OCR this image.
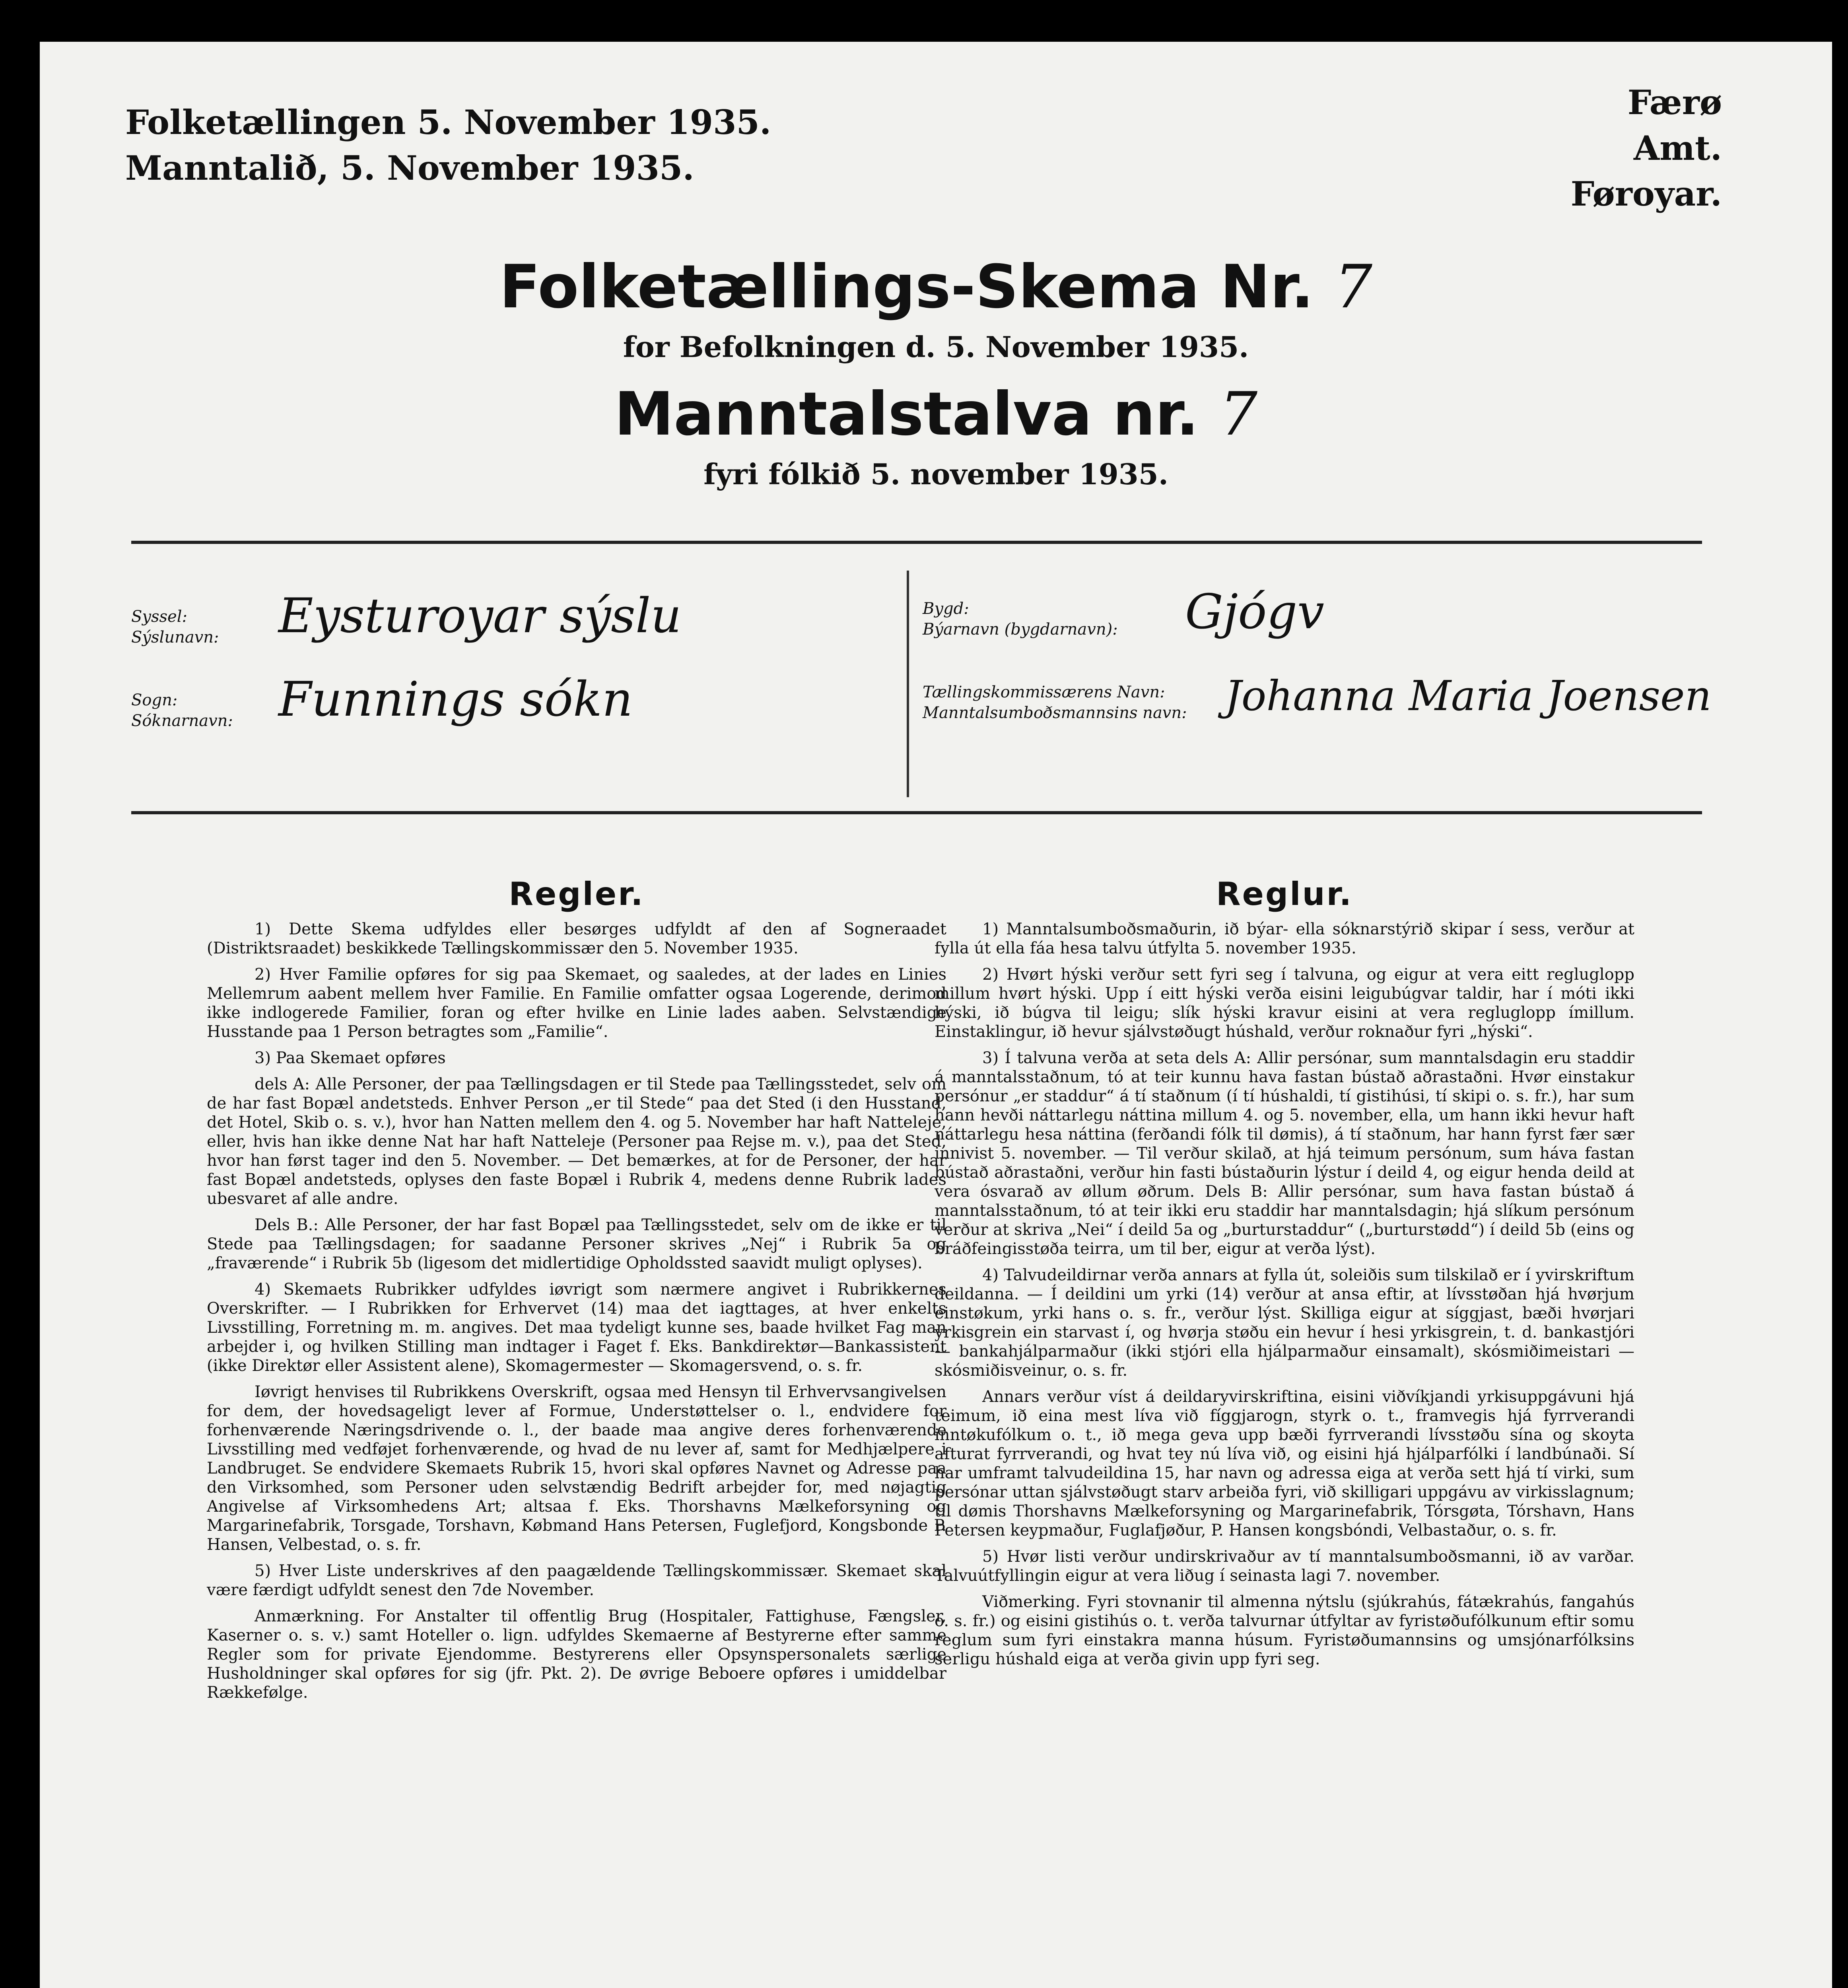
Folketællingen 5. November 1935.
Manntalið, 5. November 1935.
Færø Amt.
Føroyar.
Folketællings-Skema Nr. 7
for Befolkningen d. 5. November 1935.
Manntalstalva nr. 7
fyri fólkið 5. november 1935.
Syssel:
Sýslunavn: Eysturoyar sýslu
Sogn:
Sóknarnavn: Funnings sókn
Bygd:
Býarnavn (bygdarnavn): Gjógv
Tællingskommissærens Navn:
Manntalsumboðsmannsins navn: Johanna Maria Joensen
Regler.

1) Dette Skema udfyldes eller besørges udfyldt af den af Sogneraadet (Distriktsraadet) beskikkede Tællingskommissær den 5. November 1935.

2) Hver Familie opføres for sig paa Skemaet, og saaledes, at der lades en Linies Mellemrum aabent mellem hver Familie. En Familie omfatter ogsaa Logerende, derimod ikke indlogerede Familier, foran og efter hvilke en Linie lades aaben. Selvstændige Husstande paa 1 Person betragtes som „Familie“.

3) Paa Skemaet opføres

dels A: Alle Personer, der paa Tællingsdagen er til Stede paa Tællingsstedet, selv om de har fast Bopæl andetsteds. Enhver Person „er til Stede“ paa det Sted (i den Husstand, det Hotel, Skib o. s. v.), hvor han Natten mellem den 4. og 5. November har haft Natteleje, eller, hvis han ikke denne Nat har haft Natteleje (Personer paa Rejse m. v.), paa det Sted, hvor han først tager ind den 5. November. — Det bemærkes, at for de Personer, der har fast Bopæl andetsteds, oplyses den faste Bopæl i Rubrik 4, medens denne Rubrik lades ubesvaret af alle andre.

Dels B.: Alle Personer, der har fast Bopæl paa Tællingsstedet, selv om de ikke er til Stede paa Tællingsdagen; for saadanne Personer skrives „Nej“ i Rubrik 5a og „fraværende“ i Rubrik 5b (ligesom det midlertidige Opholdssted saavidt muligt oplyses).

4) Skemaets Rubrikker udfyldes iøvrigt som nærmere angivet i Rubrikkernes Overskrifter. — I Rubrikken for Erhvervet (14) maa det iagttages, at hver enkelts Livsstilling, Forretning m. m. angives. Det maa tydeligt kunne ses, baade hvilket Fag man arbejder i, og hvilken Stilling man indtager i Faget f. Eks. Bankdirektør—Bankassistent (ikke Direktør eller Assistent alene), Skomagermester — Skomagersvend, o. s. fr.

Iøvrigt henvises til Rubrikkens Overskrift, ogsaa med Hensyn til Erhvervsangivelsen for dem, der hovedsageligt lever af Formue, Understøttelser o. l., endvidere for forhenværende Næringsdrivende o. l., der baade maa angive deres forhenværende Livsstilling med vedføjet forhenværende, og hvad de nu lever af, samt for Medhjælpere i Landbruget. Se endvidere Skemaets Rubrik 15, hvori skal opføres Navnet og Adresse paa den Virksomhed, som Personer uden selvstændig Bedrift arbejder for, med nøjagtig Angivelse af Virksomhedens Art; altsaa f. Eks. Thorshavns Mælkeforsyning og Margarinefabrik, Torsgade, Torshavn, Købmand Hans Petersen, Fuglefjord, Kongsbonde P. Hansen, Velbestad, o. s. fr.

5) Hver Liste underskrives af den paagældende Tællingskommissær. Skemaet skal være færdigt udfyldt senest den 7de November.

Anmærkning. For Anstalter til offentlig Brug (Hospitaler, Fattighuse, Fængsler, Kaserner o. s. v.) samt Hoteller o. lign. udfyldes Skemaerne af Bestyrerne efter samme Regler som for private Ejendomme. Bestyrerens eller Opsynspersonalets særlige Husholdninger skal opføres for sig (jfr. Pkt. 2). De øvrige Beboere opføres i umiddelbar Rækkefølge.

Reglur.

1) Manntalsumboðsmaðurin, ið býar- ella sóknarstýrið skipar í sess, verður at fylla út ella fáa hesa talvu útfylta 5. november 1935.

2) Hvørt hýski verður sett fyri seg í talvuna, og eigur at vera eitt regluglopp millum hvørt hýski. Upp í eitt hýski verða eisini leigubúgvar taldir, har í móti ikki hýski, ið búgva til leigu; slík hýski kravur eisini at vera regluglopp ímillum. Einstaklingur, ið hevur sjálvstøðugt húshald, verður roknaður fyri „hýski“.

3) Í talvuna verða at seta dels A: Allir persónar, sum manntalsdagin eru staddir á manntalsstaðnum, tó at teir kunnu hava fastan bústað aðrastaðni. Hvør einstakur persónur „er staddur“ á tí staðnum (í tí húshaldi, tí gistihúsi, tí skipi o. s. fr.), har sum hann hevði náttarlegu náttina millum 4. og 5. november, ella, um hann ikki hevur haft náttarlegu hesa náttina (ferðandi fólk til dømis), á tí staðnum, har hann fyrst fær sær innivist 5. november. — Til verður skilað, at hjá teimum persónum, sum háva fastan bústað aðrastaðni, verður hin fasti bústaðurin lýstur í deild 4, og eigur henda deild at vera ósvarað av øllum øðrum. Dels B: Allir persónar, sum hava fastan bústað á manntalsstaðnum, tó at teir ikki eru staddir har manntalsdagin; hjá slíkum persónum verður at skriva „Nei“ í deild 5a og „burturstaddur“ („burturstødd“) í deild 5b (eins og bráðfeingisstøða teirra, um til ber, eigur at verða lýst).

4) Talvudeildirnar verða annars at fylla út, soleiðis sum tilskilað er í yvirskriftum deildanna. — Í deildini um yrki (14) verður at ansa eftir, at lívsstøðan hjá hvørjum einstøkum, yrki hans o. s. fr., verður lýst. Skilliga eigur at síggjast, bæði hvørjari yrkisgrein ein starvast í, og hvørja støðu ein hevur í hesi yrkisgrein, t. d. bankastjóri — bankahjálparmaður (ikki stjóri ella hjálparmaður einsamalt), skósmiðimeistari — skósmiðisveinur, o. s. fr.

Annars verður víst á deildaryvirskriftina, eisini viðvíkjandi yrkisuppgávuni hjá teimum, ið eina mest líva við fíggjarogn, styrk o. t., framvegis hjá fyrrverandi inntøkufólkum o. t., ið mega geva upp bæði fyrrverandi lívsstøðu sína og skoyta afturat fyrrverandi, og hvat tey nú líva við, og eisini hjá hjálparfólki í landbúnaði. Sí har umframt talvudeildina 15, har navn og adressa eiga at verða sett hjá tí virki, sum persónar uttan sjálvstøðugt starv arbeiða fyri, við skilligari uppgávu av virkisslagnum; til dømis Thorshavns Mælkeforsyning og Margarinefabrik, Tórsgøta, Tórshavn, Hans Petersen keypmaður, Fuglafjøður, P. Hansen kongsbóndi, Velbastaður, o. s. fr.

5) Hvør listi verður undirskrivaður av tí manntalsumboðsmanni, ið av varðar. Talvuútfyllingin eigur at vera liðug í seinasta lagi 7. november.

Viðmerking. Fyri stovnanir til almenna nýtslu (sjúkrahús, fátækrahús, fangahús o. s. fr.) og eisini gistihús o. t. verða talvurnar útfyltar av fyristøðufólkunum eftir somu reglum sum fyri einstakra manna húsum. Fyristøðumannsins og umsjónarfólksins serligu húshald eiga at verða givin upp fyri seg.
